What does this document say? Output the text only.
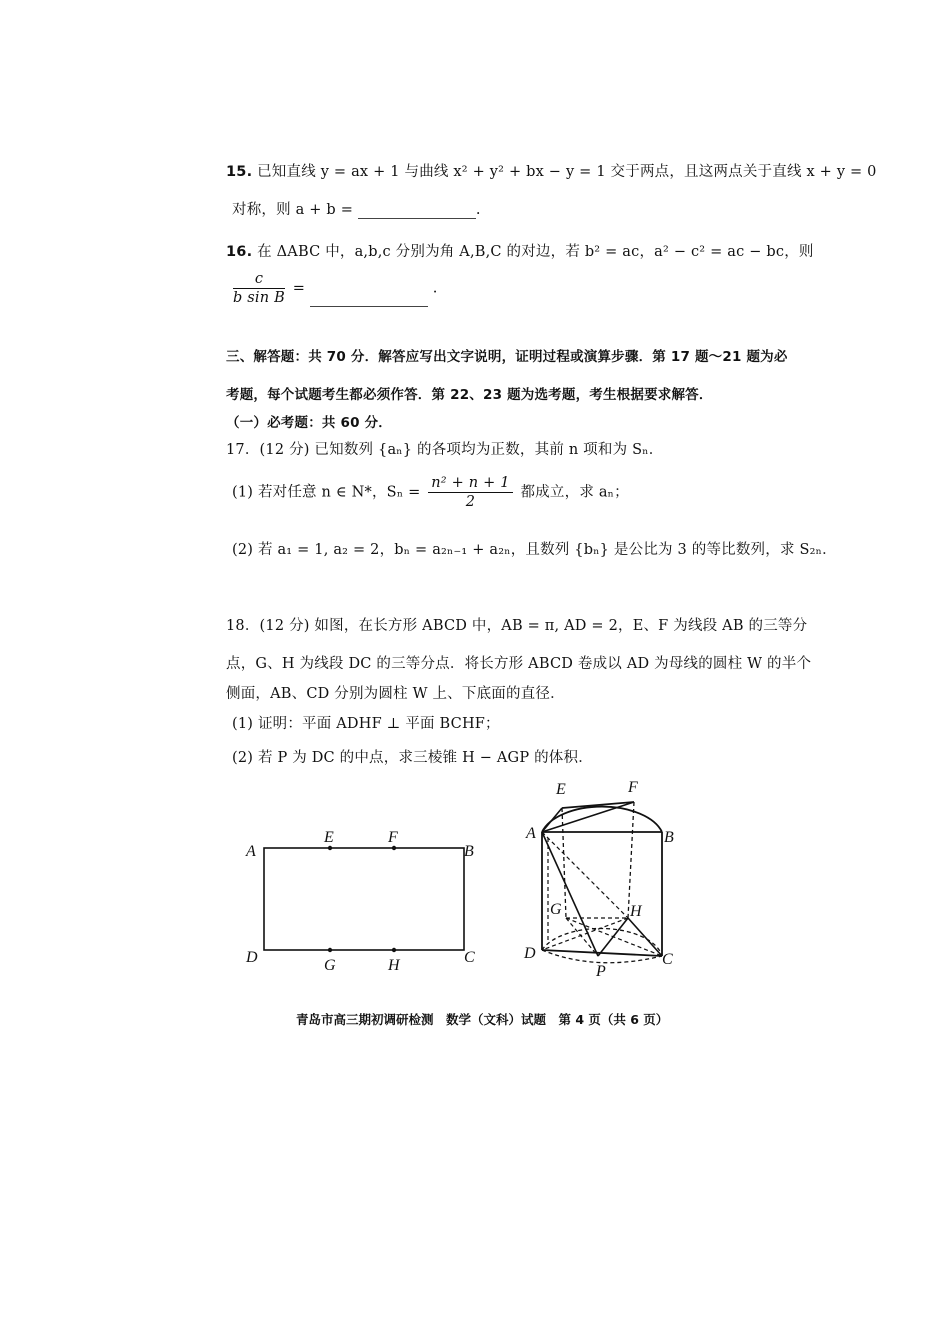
15. 已知直线 y = ax + 1 与曲线 x² + y² + bx − y = 1 交于两点，且这两点关于直线 x + y = 0
对称，则 a + b =	.
16. 在 ΔABC 中，a,b,c 分别为角 A,B,C 的对边，若 b² = ac，a² − c² = ac − bc，则
$\frac{c}{\text{b sin B}}$ =	.
三、解答题：共 70 分．解答应写出文字说明，证明过程或演算步骤．第 17 题～21 题为必
考题，每个试题考生都必须作答．第 22、23 题为选考题，考生根据要求解答．
（一）必考题：共 60 分．
17．(12 分) 已知数列 {aₙ} 的各项均为正数，其前 n 项和为 Sₙ．
(1) 若对任意 n ∈ N*，$S_n = \frac{\text{n² + n + 1}}{2}$ 都成立，求 aₙ；
(2) 若 a₁ = 1, a₂ = 2，bₙ = a₂ₙ₋₁ + a₂ₙ，且数列 {bₙ} 是公比为 3 的等比数列，求 S₂ₙ．
18．(12 分) 如图，在长方形 ABCD 中，AB = π, AD = 2，E、F 为线段 AB 的三等分
点，G、H 为线段 DC 的三等分点．将长方形 ABCD 卷成以 AD 为母线的圆柱 W 的半个
侧面，AB、CD 分别为圆柱 W 上、下底面的直径．
(1) 证明：平面 ADHF ⊥ 平面 BCHF；
(2) 若 P 为 DC 的中点，求三棱锥 H − AGP 的体积．
A	B
C
D
E	F
G	H
E	F
A	B
G	H
D	C
P
青岛市高三期初调研检测　数学（文科）试题　第 4 页（共 6 页）
